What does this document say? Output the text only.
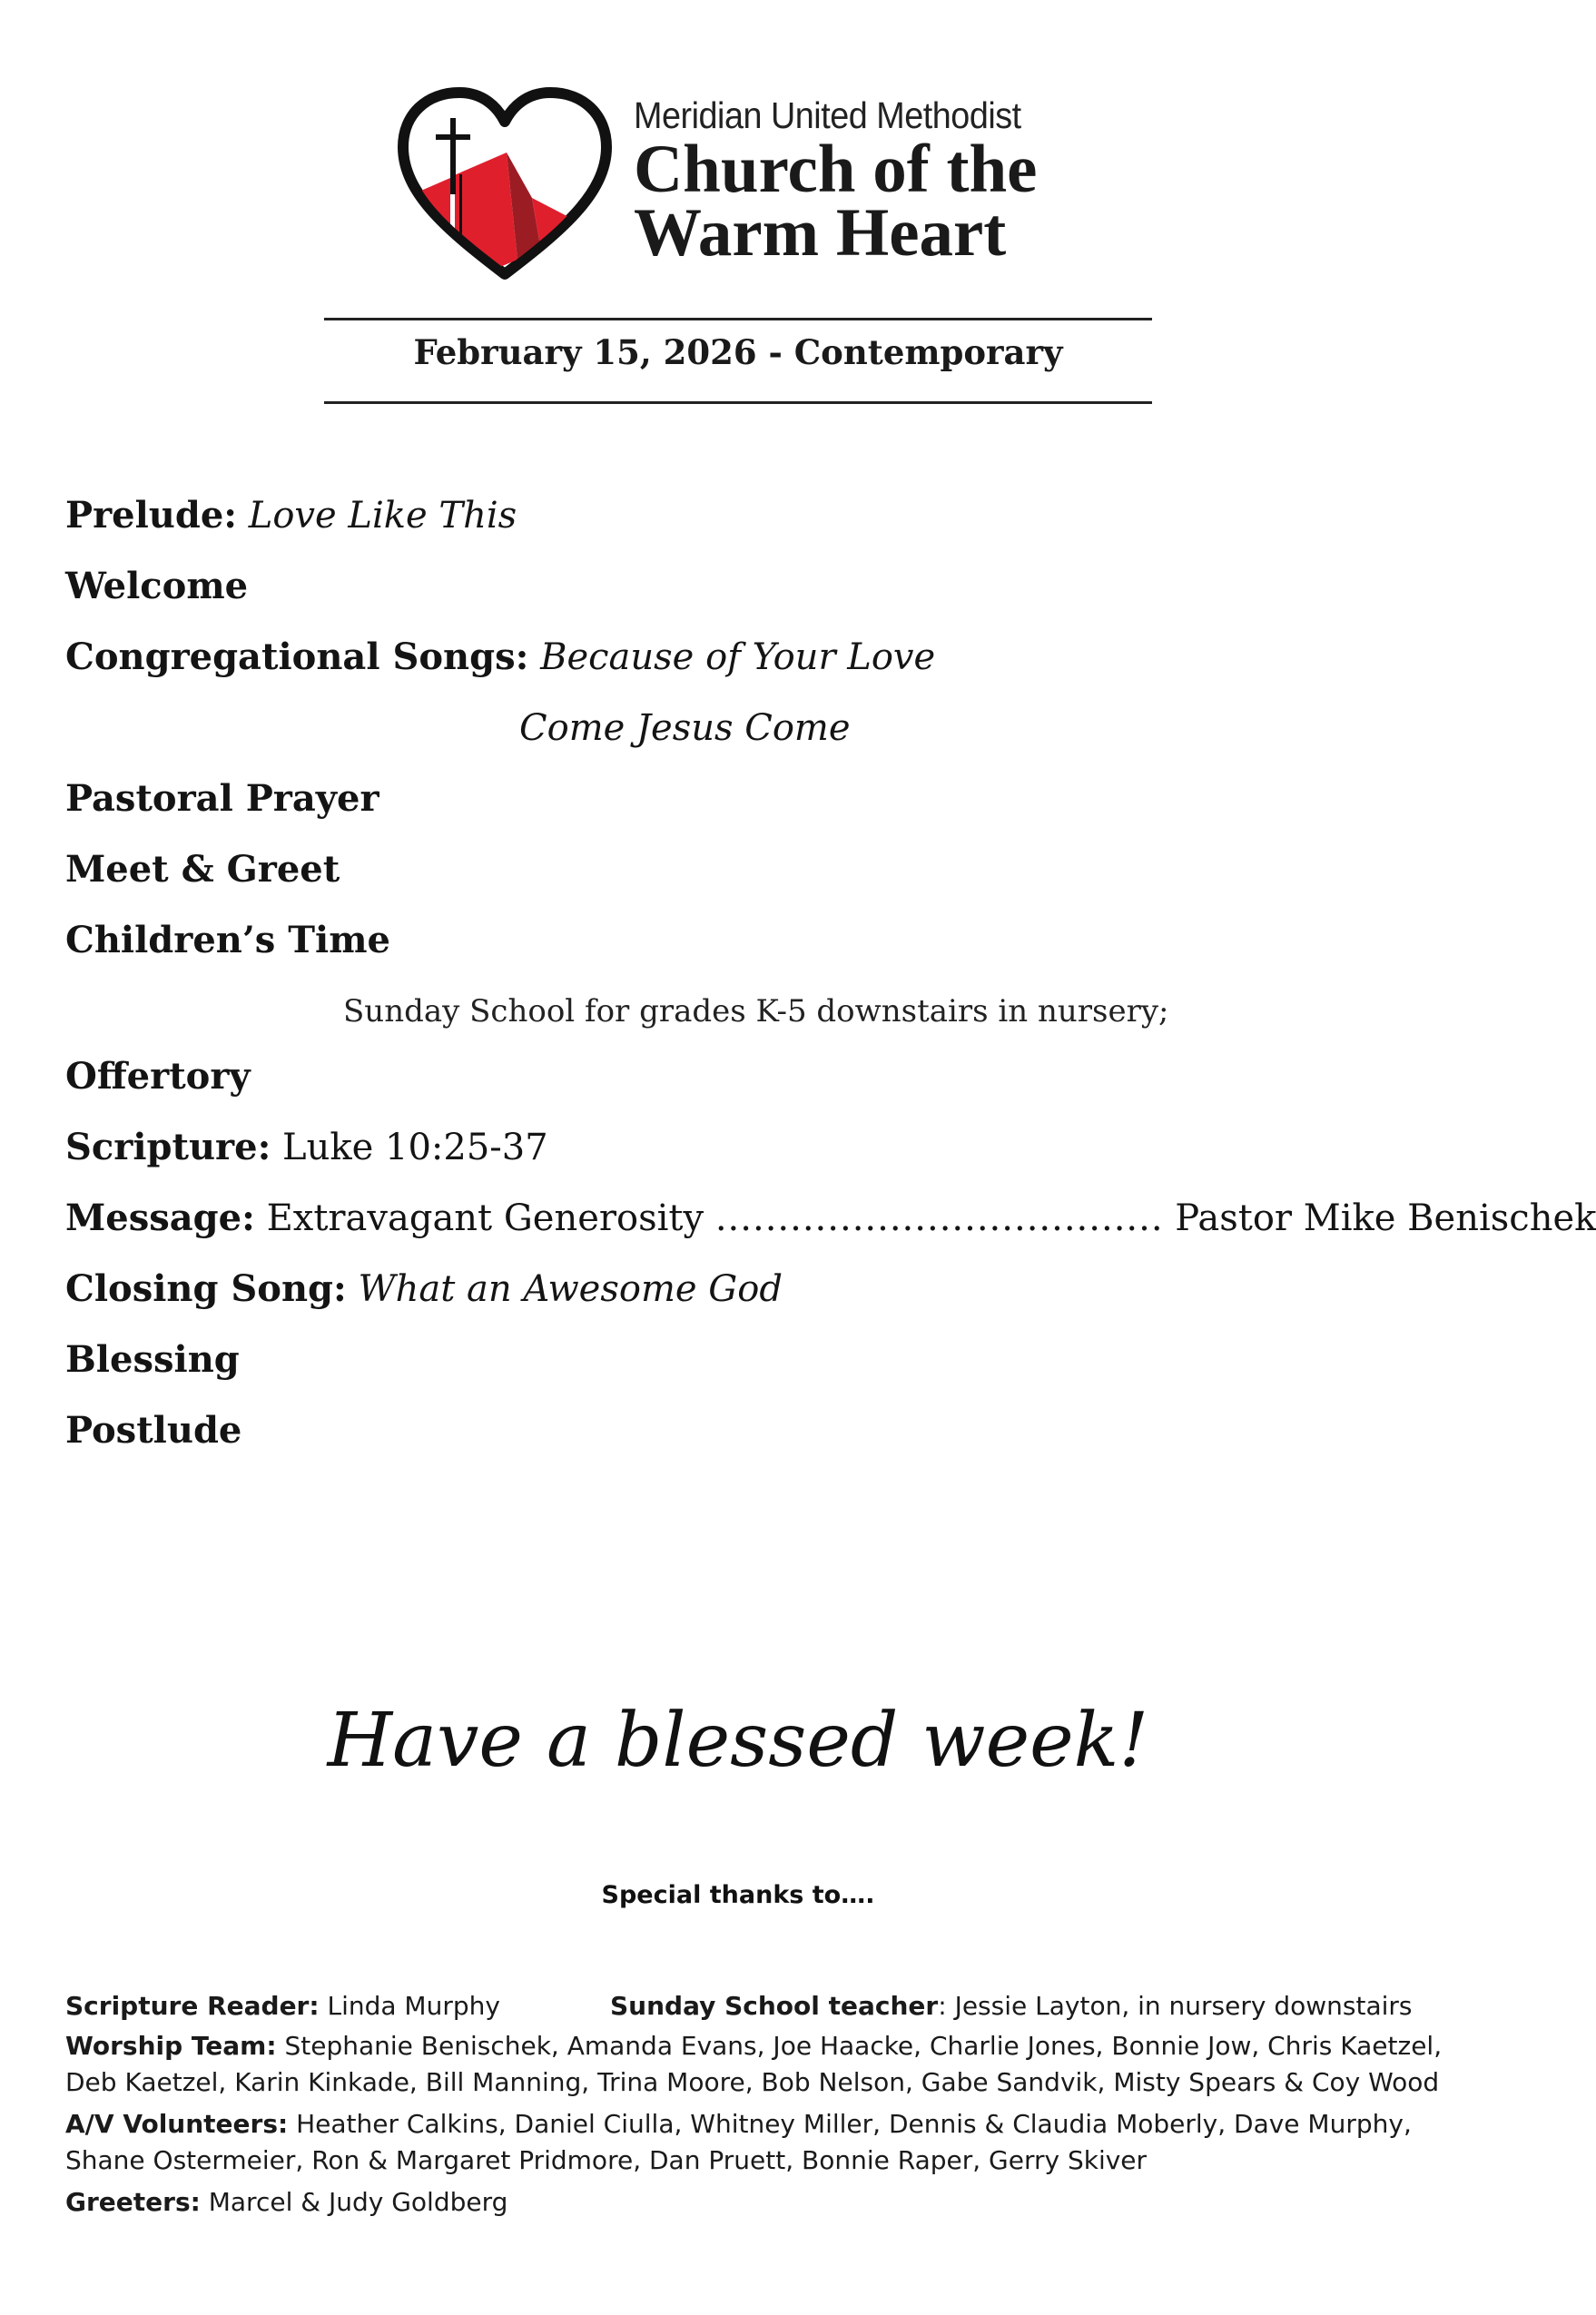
Meridian United Methodist
Church of the
Warm Heart
February 15, 2026 - Contemporary
Prelude: Love Like This
Welcome
Congregational Songs: Because of Your Love
Come Jesus Come
Pastoral Prayer
Meet & Greet
Children’s Time
Sunday School for grades K-5 downstairs in nursery;
Offertory
Scripture: Luke 10:25-37
Message: Extravagant Generosity .................................... Pastor Mike Benischek
Closing Song: What an Awesome God
Blessing
Postlude
Have a blessed week!
Special thanks to….
Scripture Reader: Linda Murphy	Sunday School teacher: Jessie Layton, in nursery downstairs
Worship Team: Stephanie Benischek, Amanda Evans, Joe Haacke, Charlie Jones, Bonnie Jow, Chris Kaetzel,
Deb Kaetzel, Karin Kinkade, Bill Manning, Trina Moore, Bob Nelson, Gabe Sandvik, Misty Spears & Coy Wood
A/V Volunteers: Heather Calkins, Daniel Ciulla, Whitney Miller, Dennis & Claudia Moberly, Dave Murphy,
Shane Ostermeier, Ron & Margaret Pridmore, Dan Pruett, Bonnie Raper, Gerry Skiver
Greeters: Marcel & Judy Goldberg
